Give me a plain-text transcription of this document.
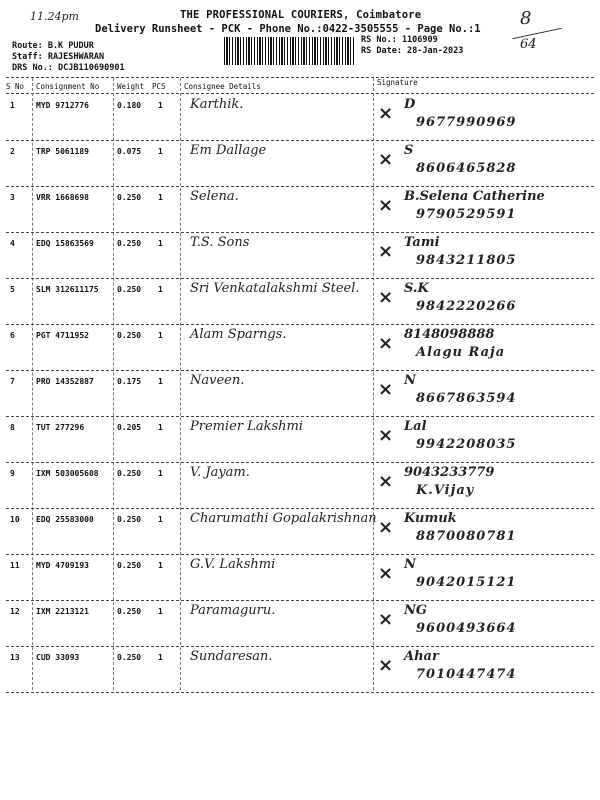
11.24pm	THE PROFESSIONAL COURIERS, Coimbatore
Delivery Runsheet - PCK - Phone No.:0422-3505555 - Page No.:1 8
64
Route: B.K PUDUR
Staff: RAJESHWARAN
DRS No.: DCJB110690901
RS No.: 1106909
RS Date: 28-Jan-2023
S No Consignment No Weight PCS Consignee Details	Signature
1	MYD 9712776	0.180 1 Karthik.	× D
9677990969
2	TRP 5061189	0.075 1 Em Dallage	× S
8606465828
3	VRR 1668698	0.250 1 Selena.	× B.Selena Catherine
9790529591
4	EDQ 15863569	0.250 1 T.S. Sons	× Tami
9843211805
5	SLM 312611175 0.250 1 Sri Venkatalakshmi Steel. × S.K
9842220266
6	PGT 4711952	0.250 1 Alam Sparngs.	× 8148098888
Alagu Raja
7	PRO 14352887	0.175 1 Naveen.	× N
8667863594
8	TUT 277296	0.205 1 Premier Lakshmi	× Lal
9942208035
9	IXM 503005608 0.250 1 V. Jayam.	× 9043233779
K.Vijay
10 EDQ 25583000	0.250 1 Charumathi Gopalakrishnan × Kumuk
8870080781
11 MYD 4709193	0.250 1 G.V. Lakshmi	× N
9042015121
12 IXM 2213121	0.250 1 Paramaguru.	× NG
9600493664
13 CUD 33093	0.250 1 Sundaresan.	× Ahar
7010447474
